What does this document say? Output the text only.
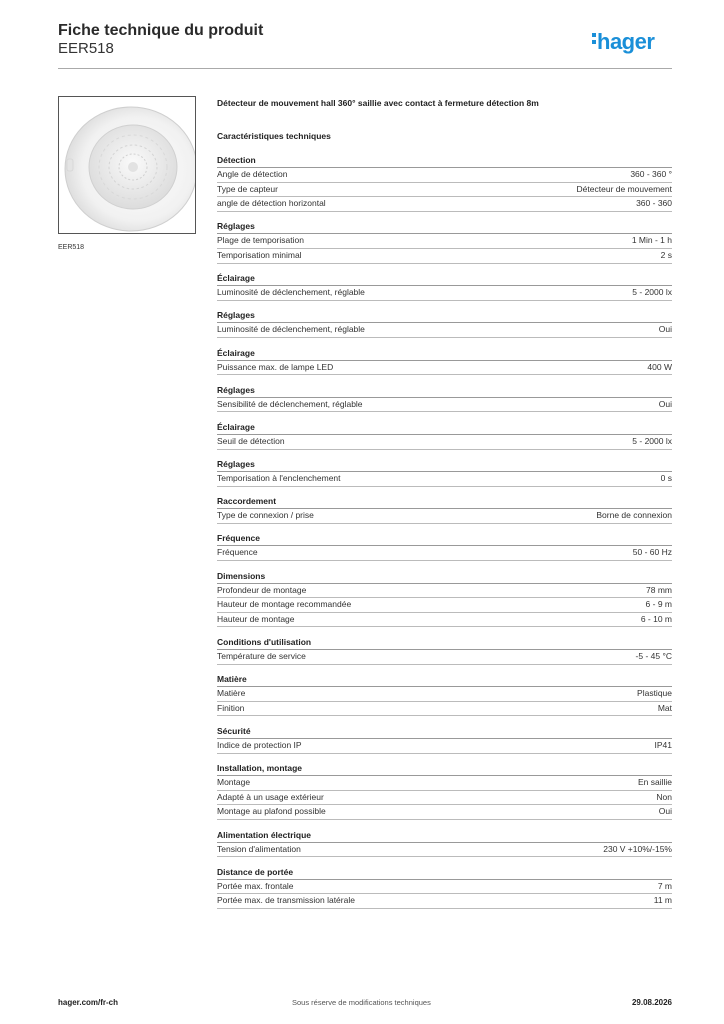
Fiche technique du produit
EER518	hager
EER518
Détecteur de mouvement hall 360° saillie avec contact à fermeture détection 8m
Caractéristiques techniques
Détection
Angle de détection	360 - 360 °
Type de capteur	Détecteur de mouvement
angle de détection horizontal	360 - 360
Réglages
Plage de temporisation	1 Min - 1 h
Temporisation minimal	2 s
Éclairage
Luminosité de déclenchement, réglable	5 - 2000 lx
Réglages
Luminosité de déclenchement, réglable	Oui
Éclairage
Puissance max. de lampe LED	400 W
Réglages
Sensibilité de déclenchement, réglable	Oui
Éclairage
Seuil de détection	5 - 2000 lx
Réglages
Temporisation à l'enclenchement	0 s
Raccordement
Type de connexion / prise	Borne de connexion
Fréquence
Fréquence	50 - 60 Hz
Dimensions
Profondeur de montage	78 mm
Hauteur de montage recommandée	6 - 9 m
Hauteur de montage	6 - 10 m
Conditions d'utilisation
Température de service	-5 - 45 °C
Matière
Matière	Plastique
Finition	Mat
Sécurité
Indice de protection IP	IP41
Installation, montage
Montage	En saillie
Adapté à un usage extérieur	Non
Montage au plafond possible	Oui
Alimentation électrique
Tension d'alimentation	230 V +10%/-15%
Distance de portée
Portée max. frontale	7 m
Portée max. de transmission latérale	11 m
hager.com/fr-ch	Sous réserve de modifications techniques	29.08.2026
